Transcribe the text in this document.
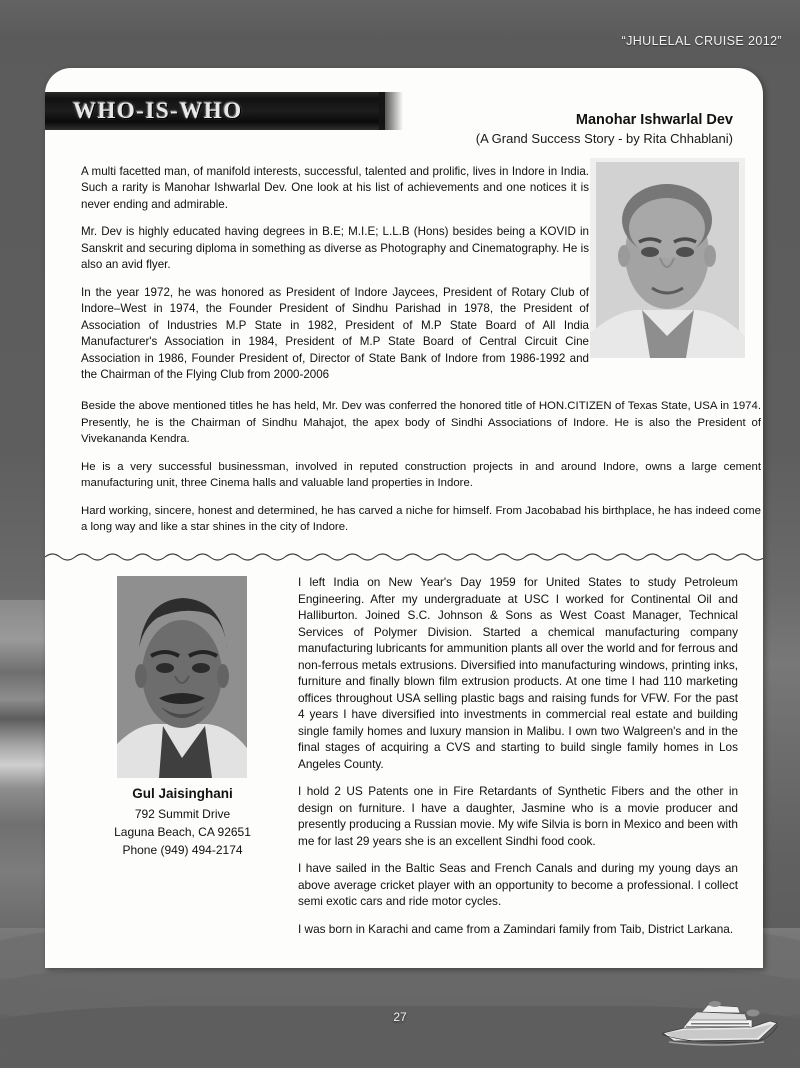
“JHULELAL CRUISE 2012”
WHO-IS-WHO	Manohar Ishwarlal Dev
(A Grand Success Story - by Rita Chhablani)

A multi facetted man, of manifold interests, successful, talented and prolific, lives in Indore in India. Such a rarity is Manohar Ishwarlal Dev. One look at his list of achievements and one notices it is never ending and admirable.

Mr. Dev is highly educated having degrees in B.E; M.I.E; L.L.B (Hons) besides being a KOVID in Sanskrit and securing diploma in something as diverse as Photography and Cinematography. He is also an avid flyer.

In the year 1972, he was honored as President of Indore Jaycees, President of Rotary Club of Indore–West in 1974, the Founder President of Sindhu Parishad in 1978, the President of Association of Industries M.P State in 1982, President of M.P State Board of All India Manufacturer's Association in 1984, President of M.P State Board of Central Circuit Cine Association in 1986, Founder President of, Director of State Bank of Indore from 1986-1992 and the Chairman of the Flying Club from 2000-2006

Beside the above mentioned titles he has held, Mr. Dev was conferred the honored title of HON.CITIZEN of Texas State, USA in 1974. Presently, he is the Chairman of Sindhu Mahajot, the apex body of Sindhi Associations of Indore. He is also the President of Vivekananda Kendra.

He is a very successful businessman, involved in reputed construction projects in and around Indore, owns a large cement manufacturing unit, three Cinema halls and valuable land properties in Indore.

Hard working, sincere, honest and determined, he has carved a niche for himself. From Jacobabad his birthplace, he has indeed come a long way and like a star shines in the city of Indore.

Gul Jaisinghani
792 Summit Drive
Laguna Beach, CA 92651
Phone (949) 494-2174

I left India on New Year's Day 1959 for United States to study Petroleum Engineering. After my undergraduate at USC I worked for Continental Oil and Halliburton. Joined S.C. Johnson & Sons as West Coast Manager, Technical Services of Polymer Division. Started a chemical manufacturing company manufacturing lubricants for ammunition plants all over the world and for ferrous and non-ferrous metals extrusions. Diversified into manufacturing windows, printing inks, furniture and finally blown film extrusion products. At one time I had 110 marketing offices throughout USA selling plastic bags and raising funds for VFW. For the past 4 years I have diversified into investments in commercial real estate and building single family homes and luxury mansion in Malibu. I own two Walgreen's and in the final stages of acquiring a CVS and starting to build single family homes in Los Angeles County.

I hold 2 US Patents one in Fire Retardants of Synthetic Fibers and the other in design on furniture. I have a daughter, Jasmine who is a movie producer and presently producing a Russian movie. My wife Silvia is born in Mexico and been with me for last 29 years she is an excellent Sindhi food cook.

I have sailed in the Baltic Seas and French Canals and during my young days an above average cricket player with an opportunity to become a professional. I collect semi exotic cars and ride motor cycles.

I was born in Karachi and came from a Zamindari family from Taib, District Larkana.

27
